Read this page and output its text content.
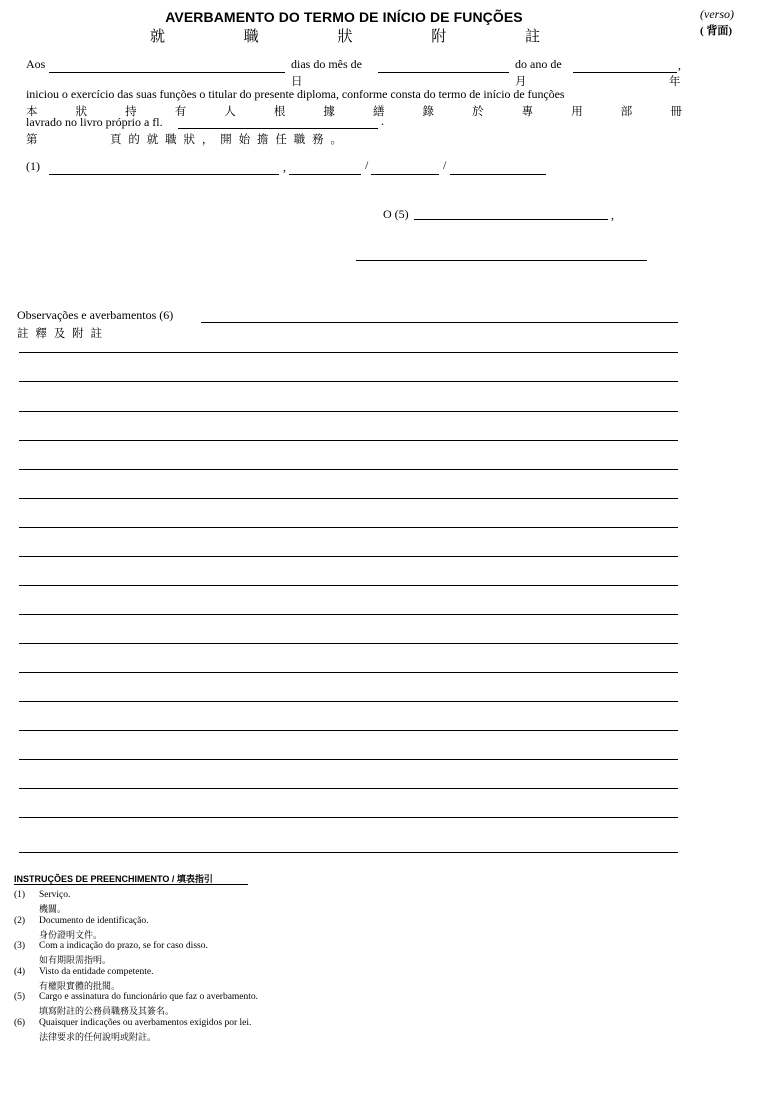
AVERBAMENTO DO TERMO DE INÍCIO DE FUNÇÕES
就	職	狀	附	註
(verso)
( 背面)
Aos	dias do mês de	do ano de	,
日	月	年
iniciou o exercício das suas funções o titular do presente diploma, conforme consta do termo de início de funções
本	狀	持	有	人	根	據	繕	錄	於	專	用	部	冊
lavrado no livro próprio a fl.	.
第	頁 的 就 職 狀 ， 開 始 擔 任 職 務 。
(1)	,	/	/
O (5)	,
Observações e averbamentos (6)
註 釋 及 附 註
INSTRUÇÕES DE PREENCHIMENTO / 填表指引
(1) Serviço.
機關。
(2) Documento de identificação.
身份證明文件。
(3) Com a indicação do prazo, se for caso disso.
如有期限需指明。
(4) Visto da entidade competente.
有權限實體的批閱。
(5) Cargo e assinatura do funcionário que faz o averbamento.
填寫附註的公務員職務及其簽名。
(6) Quaisquer indicações ou averbamentos exigidos por lei.
法律要求的任何說明或附註。
